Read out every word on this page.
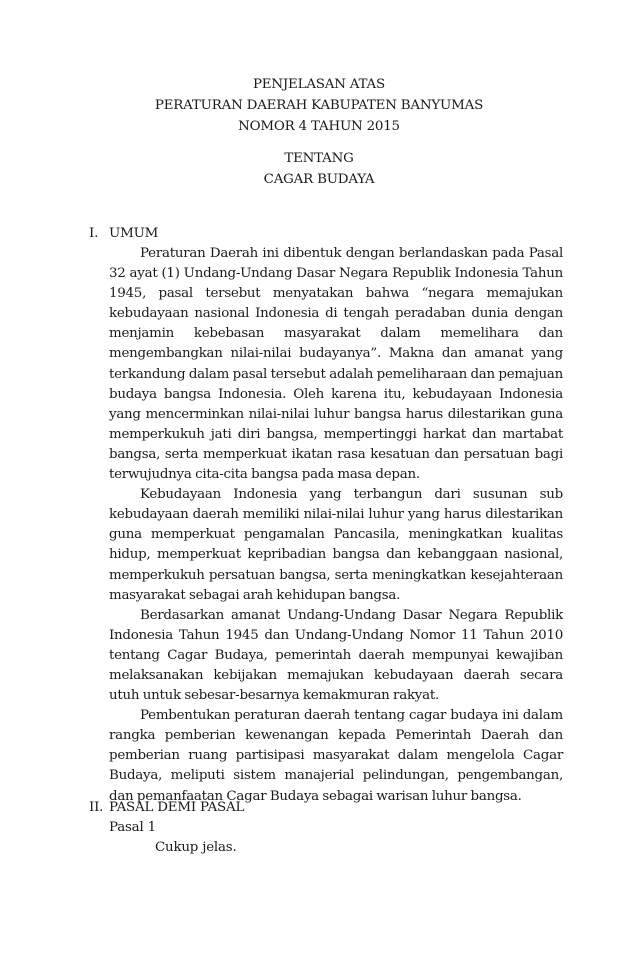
PENJELASAN ATAS
PERATURAN DAERAH KABUPATEN BANYUMAS
NOMOR 4 TAHUN 2015
TENTANG
CAGAR BUDAYA
I. UMUM

Peraturan Daerah ini dibentuk dengan berlandaskan pada Pasal 32 ayat (1) Undang-Undang Dasar Negara Republik Indonesia Tahun 1945, pasal tersebut menyatakan bahwa “negara memajukan kebudayaan nasional Indonesia di tengah peradaban dunia dengan menjamin kebebasan masyarakat dalam memelihara dan mengembangkan nilai-nilai budayanya”. Makna dan amanat yang terkandung dalam pasal tersebut adalah pemeliharaan dan pemajuan budaya bangsa Indonesia. Oleh karena itu, kebudayaan Indonesia yang mencerminkan nilai-nilai luhur bangsa harus dilestarikan guna memperkukuh jati diri bangsa, mempertinggi harkat dan martabat bangsa, serta memperkuat ikatan rasa kesatuan dan persatuan bagi terwujudnya cita-cita bangsa pada masa depan.

Kebudayaan Indonesia yang terbangun dari susunan sub kebudayaan daerah memiliki nilai-nilai luhur yang harus dilestarikan guna memperkuat pengamalan Pancasila, meningkatkan kualitas hidup, memperkuat kepribadian bangsa dan kebanggaan nasional, memperkukuh persatuan bangsa, serta meningkatkan kesejahteraan masyarakat sebagai arah kehidupan bangsa.

Berdasarkan amanat Undang-Undang Dasar Negara Republik Indonesia Tahun 1945 dan Undang-Undang Nomor 11 Tahun 2010 tentang Cagar Budaya, pemerintah daerah mempunyai kewajiban melaksanakan kebijakan memajukan kebudayaan daerah secara utuh untuk sebesar-besarnya kemakmuran rakyat.

Pembentukan peraturan daerah tentang cagar budaya ini dalam rangka pemberian kewenangan kepada Pemerintah Daerah dan pemberian ruang partisipasi masyarakat dalam mengelola Cagar Budaya, meliputi sistem manajerial pelindungan, pengembangan, dan pemanfaatan Cagar Budaya sebagai warisan luhur bangsa.

II. PASAL DEMI PASAL
Pasal 1
Cukup jelas.
